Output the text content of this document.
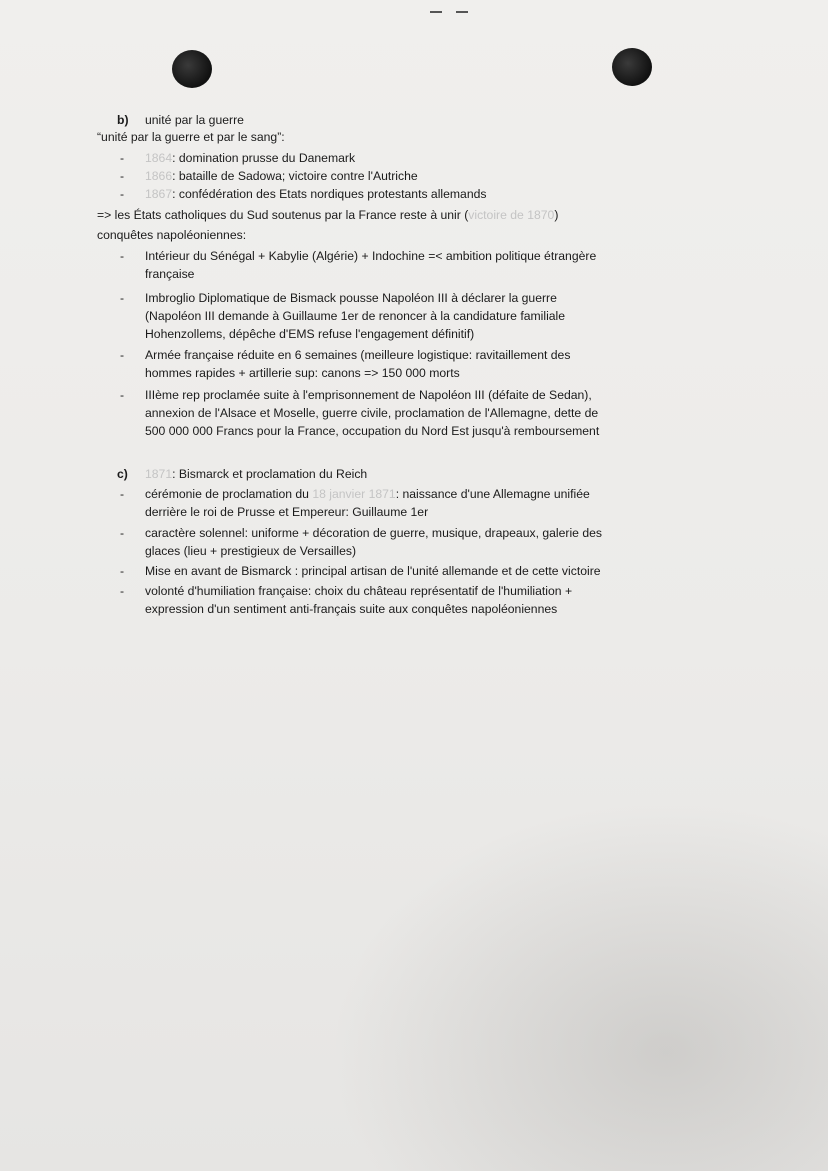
b) unité par la guerre
“unité par la guerre et par le sang”:
- 1864: domination prusse du Danemark
- 1866: bataille de Sadowa; victoire contre l'Autriche
- 1867: confédération des Etats nordiques protestants allemands
=> les États catholiques du Sud soutenus par la France reste à unir (victoire de 1870)
conquêtes napoléoniennes:
- Intérieur du Sénégal + Kabylie (Algérie) + Indochine =< ambition politique étrangère
française
- Imbroglio Diplomatique de Bismack pousse Napoléon III à déclarer la guerre
(Napoléon III demande à Guillaume 1er de renoncer à la candidature familiale
Hohenzollems, dépêche d'EMS refuse l'engagement définitif)
- Armée française réduite en 6 semaines (meilleure logistique: ravitaillement des
hommes rapides + artillerie sup: canons => 150 000 morts
- IIIème rep proclamée suite à l'emprisonnement de Napoléon III (défaite de Sedan),
annexion de l'Alsace et Moselle, guerre civile, proclamation de l'Allemagne, dette de
500 000 000 Francs pour la France, occupation du Nord Est jusqu'à remboursement
c) 1871: Bismarck et proclamation du Reich
- cérémonie de proclamation du 18 janvier 1871: naissance d'une Allemagne unifiée
derrière le roi de Prusse et Empereur: Guillaume 1er
- caractère solennel: uniforme + décoration de guerre, musique, drapeaux, galerie des
glaces (lieu + prestigieux de Versailles)
- Mise en avant de Bismarck : principal artisan de l'unité allemande et de cette victoire
- volonté d'humiliation française: choix du château représentatif de l'humiliation +
expression d'un sentiment anti-français suite aux conquêtes napoléoniennes
